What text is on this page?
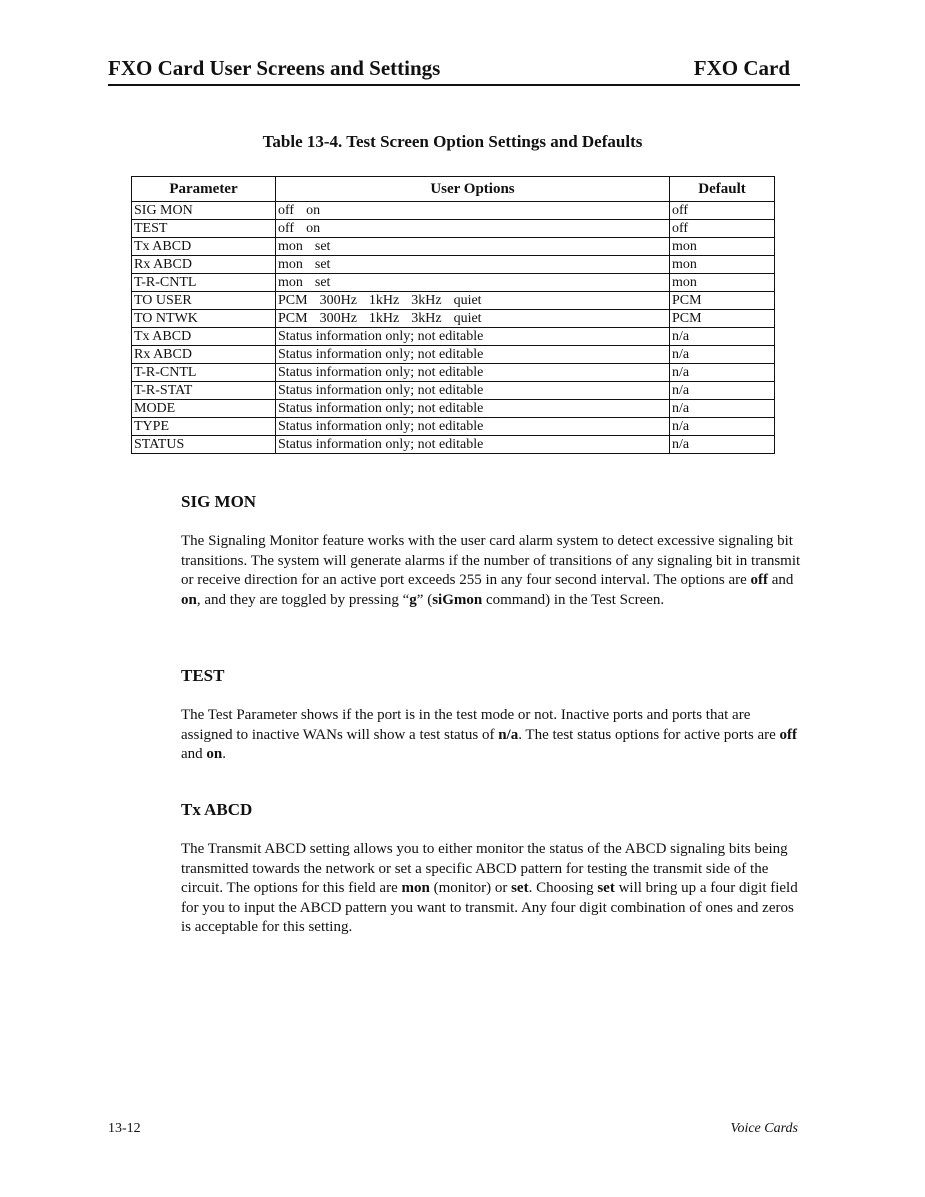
FXO Card User Screens and Settings	FXO Card
Table 13-4. Test Screen Option Settings and Defaults
Parameter	User Options	Default
SIG MON	off on	off
TEST	off on	off
Tx ABCD	mon set	mon
Rx ABCD	mon set	mon
T-R-CNTL	mon set	mon
TO USER	PCM 300Hz 1kHz 3kHz quiet	PCM
TO NTWK	PCM 300Hz 1kHz 3kHz quiet	PCM
Tx ABCD	Status information only; not editable	n/a
Rx ABCD	Status information only; not editable	n/a
T-R-CNTL	Status information only; not editable	n/a
T-R-STAT	Status information only; not editable	n/a
MODE	Status information only; not editable	n/a
TYPE	Status information only; not editable	n/a
STATUS	Status information only; not editable	n/a
SIG MON
The Signaling Monitor feature works with the user card alarm system to detect excessive signaling bit transitions. The system will generate alarms if the number of transitions of any signaling bit in transmit or receive direction for an active port exceeds 255 in any four second interval. The options are off and on, and they are toggled by pressing “g” (siGmon command) in the Test Screen.
TEST
The Test Parameter shows if the port is in the test mode or not. Inactive ports and ports that are assigned to inactive WANs will show a test status of n/a. The test status options for active ports are off and on.
Tx ABCD
The Transmit ABCD setting allows you to either monitor the status of the ABCD signaling bits being transmitted towards the network or set a specific ABCD pattern for testing the transmit side of the circuit. The options for this field are mon (monitor) or set. Choosing set will bring up a four digit field for you to input the ABCD pattern you want to transmit. Any four digit combination of ones and zeros is acceptable for this setting.
13-12	Voice Cards
